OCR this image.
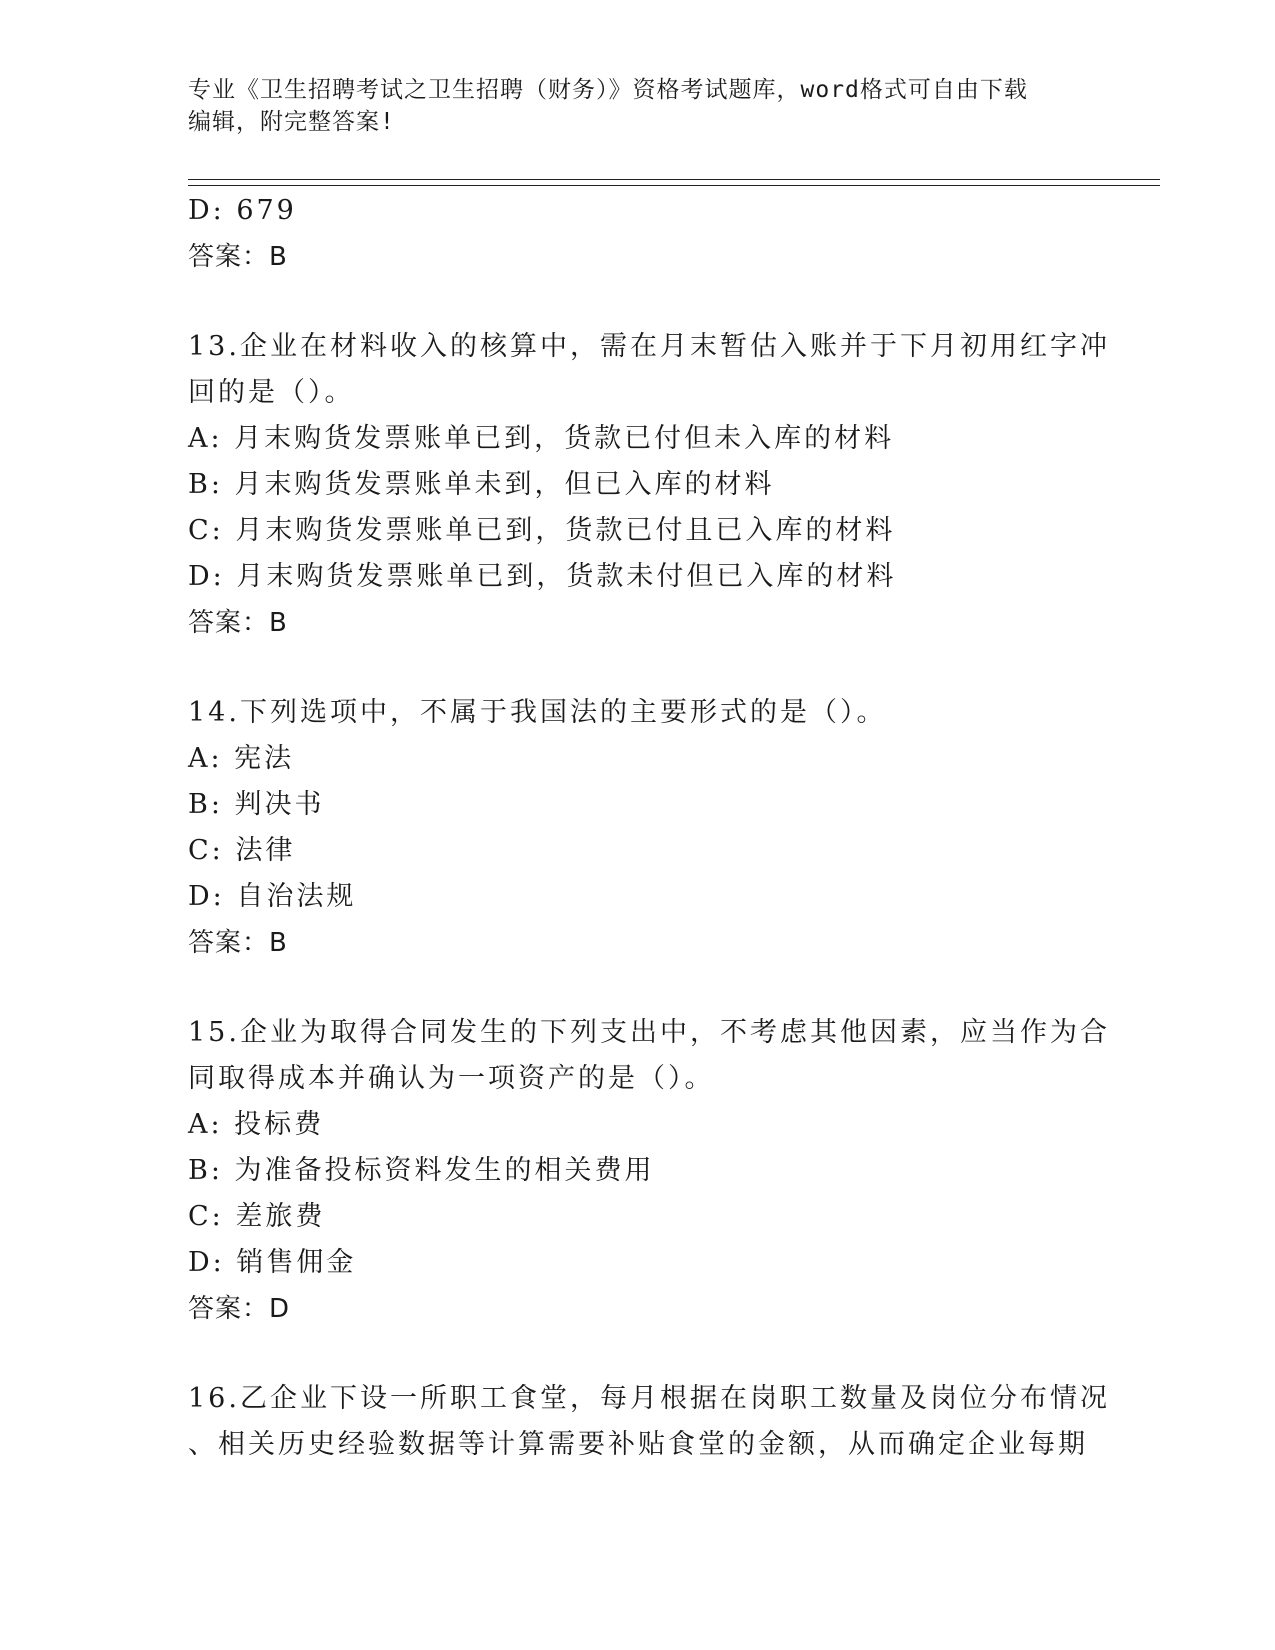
专业《卫生招聘考试之卫生招聘（财务）》资格考试题库，word格式可自由下载
编辑，附完整答案!
D: 679
答案：B
13.企业在材料收入的核算中，需在月末暂估入账并于下月初用红字冲
回的是（）。
A: 月末购货发票账单已到，货款已付但未入库的材料
B: 月末购货发票账单未到，但已入库的材料
C: 月末购货发票账单已到，货款已付且已入库的材料
D: 月末购货发票账单已到，货款未付但已入库的材料
答案：B
14.下列选项中，不属于我国法的主要形式的是（）。
A: 宪法
B: 判决书
C: 法律
D: 自治法规
答案：B
15.企业为取得合同发生的下列支出中，不考虑其他因素，应当作为合
同取得成本并确认为一项资产的是（）。
A: 投标费
B: 为准备投标资料发生的相关费用
C: 差旅费
D: 销售佣金
答案：D
16.乙企业下设一所职工食堂，每月根据在岗职工数量及岗位分布情况
、相关历史经验数据等计算需要补贴食堂的金额，从而确定企业每期
